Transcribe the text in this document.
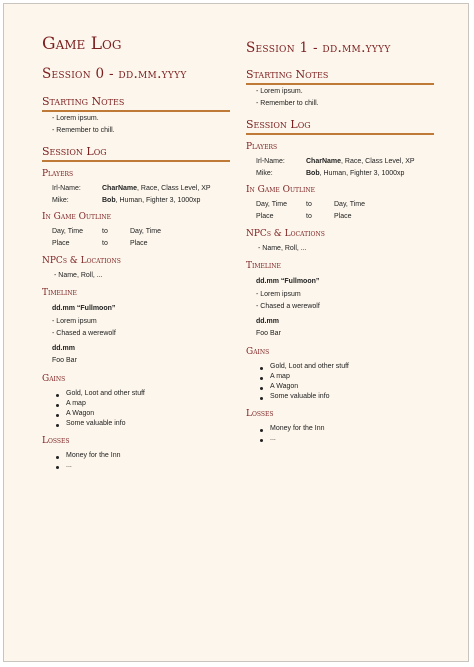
Game Log
Session 0 - dd.mm.yyyy
Starting Notes
- Lorem ipsum.
- Remember to chill.
Session Log
Players
Irl-Name:	CharName, Race, Class Level, XP
Mike:	Bob, Human, Fighter 3, 1000xp
In Game Outline
Day, Time	to	Day, Time
Place	to	Place
NPCs & Locations
- Name, Roll, ...
Timeline
dd.mm “Fullmoon”
- Lorem ipsum
- Chased a werewolf
dd.mm
Foo Bar
Gains
Gold, Loot and other stuff
A map
A Wagon
Some valuable info
Losses
Money for the Inn
...
Session 1 - dd.mm.yyyy
Starting Notes
- Lorem ipsum.
- Remember to chill.
Session Log
Players
Irl-Name:	CharName, Race, Class Level, XP
Mike:	Bob, Human, Fighter 3, 1000xp
In Game Outline
Day, Time	to	Day, Time
Place	to	Place
NPCs & Locations
- Name, Roll, ...
Timeline
dd.mm “Fullmoon”
- Lorem ipsum
- Chased a werewolf
dd.mm
Foo Bar
Gains
Gold, Loot and other stuff
A map
A Wagon
Some valuable info
Losses
Money for the Inn
...
